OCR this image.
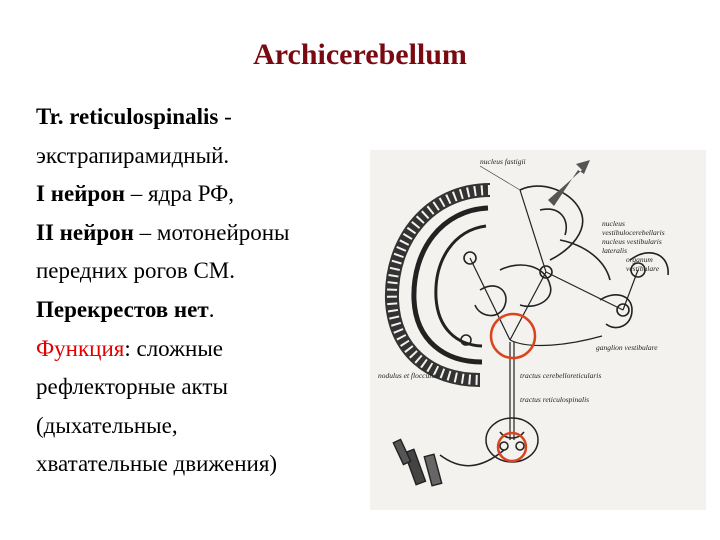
Archicerebellum
Tr. reticulospinalis -
экстрапирамидный.
I нейрон – ядра РФ,
II нейрон – мотонейроны
передних рогов СМ.
Перекрестов нет.
Функция: сложные
рефлекторные акты
(дыхательные,
хватательные движения)
nucleus fastigii
nucleus
vestibulocerebellaris
nucleus vestibularis
lateralis
organum
vestibulare
ganglion vestibulare
nodulus et flocculus	tractus cerebelloreticularis
tractus reticulospinalis
